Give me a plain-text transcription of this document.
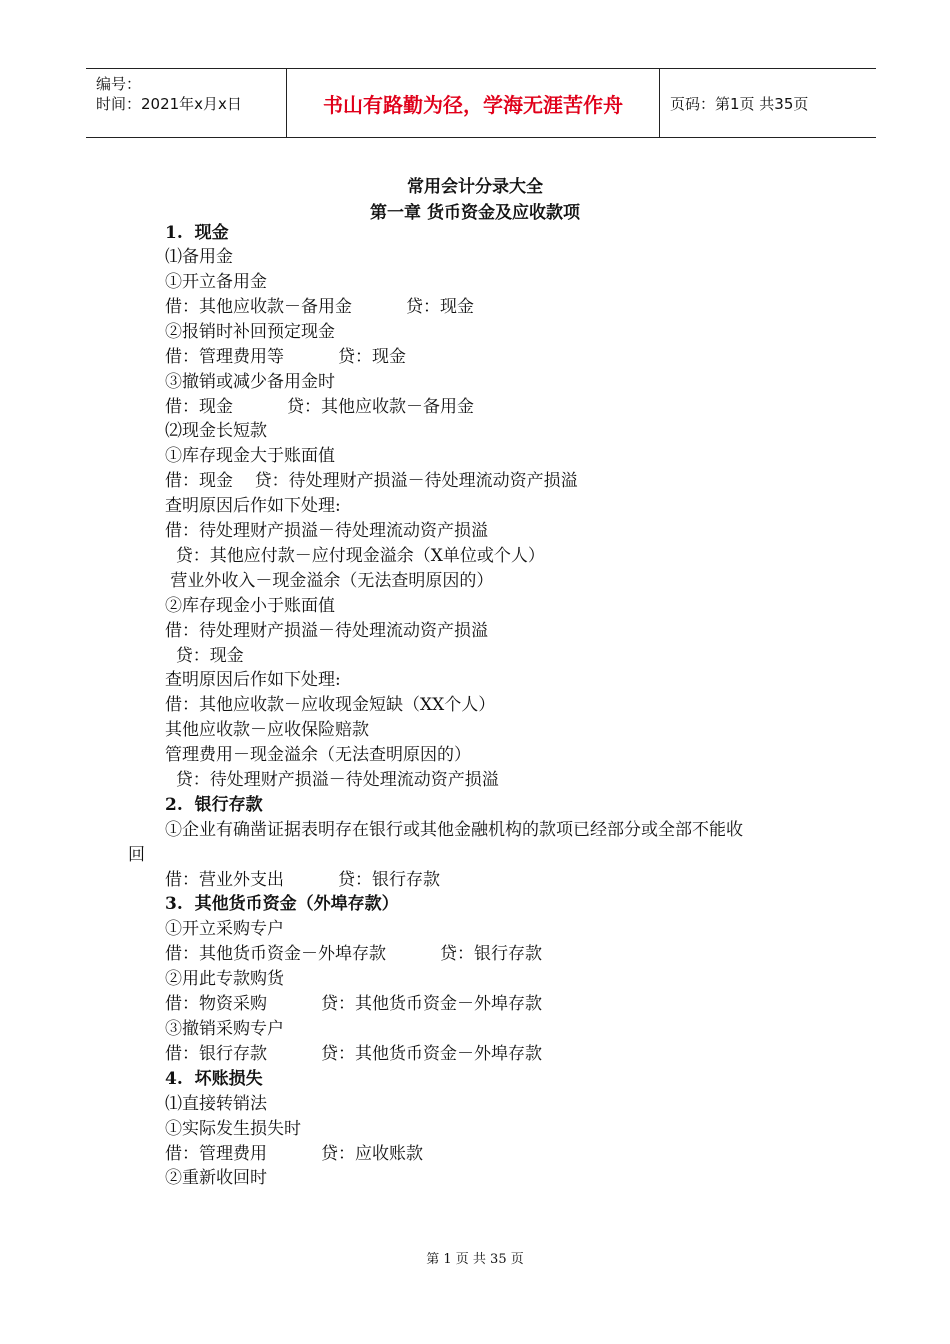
编号：
时间：2021年x月x日	书山有路勤为径，学海无涯苦作舟	页码：第1页 共35页
常用会计分录大全
第一章 货币资金及应收款项
1.  现金
⑴备用金
①开立备用金
借：其他应收款－备用金          贷：现金
②报销时补回预定现金
借：管理费用等          贷：现金
③撤销或减少备用金时
借：现金          贷：其他应收款－备用金
⑵现金长短款
①库存现金大于账面值
借：现金    贷：待处理财产损溢－待处理流动资产损溢
查明原因后作如下处理:
借：待处理财产损溢－待处理流动资产损溢
贷：其他应付款－应付现金溢余（X单位或个人）
营业外收入－现金溢余（无法查明原因的）
②库存现金小于账面值
借：待处理财产损溢－待处理流动资产损溢
贷：现金
查明原因后作如下处理:
借：其他应收款－应收现金短缺（XX个人）
其他应收款－应收保险赔款
管理费用－现金溢余（无法查明原因的）
贷：待处理财产损溢－待处理流动资产损溢
2.  银行存款
①企业有确凿证据表明存在银行或其他金融机构的款项已经部分或全部不能收
回
借：营业外支出          贷：银行存款
3.  其他货币资金（外埠存款）
①开立采购专户
借：其他货币资金－外埠存款          贷：银行存款
②用此专款购货
借：物资采购          贷：其他货币资金－外埠存款
③撤销采购专户
借：银行存款          贷：其他货币资金－外埠存款
4.  坏账损失
⑴直接转销法
①实际发生损失时
借：管理费用          贷：应收账款
②重新收回时
第 1 页 共 35 页
